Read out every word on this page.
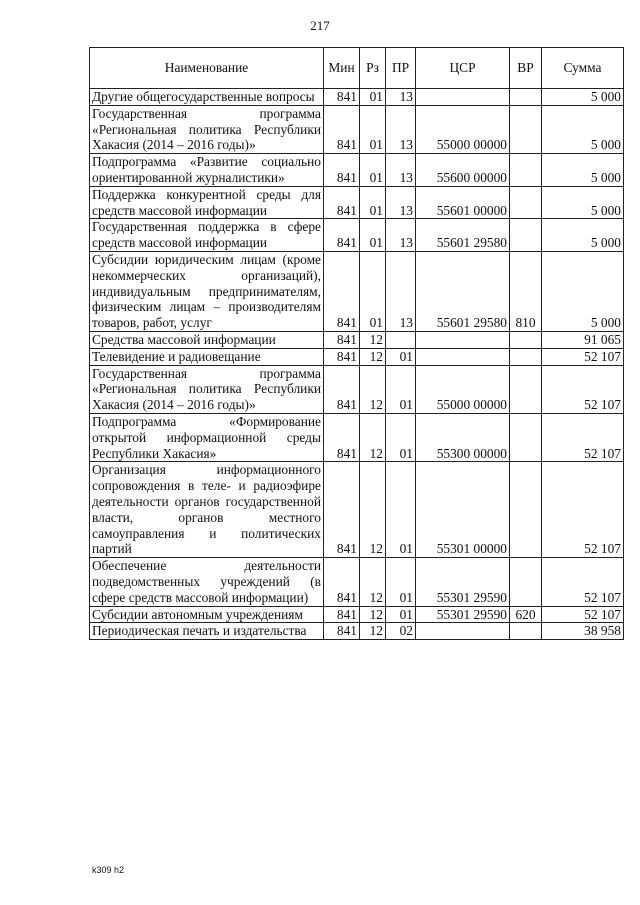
217
Наименование	Мин	Рз	ПР	ЦСР	ВР	Сумма
Другие общегосударственные вопросы	841	01	13			5 000
Государственная программа «Региональная политика Республики Хакасия (2014 – 2016 годы)»	841	01	13	55000 00000		5 000
Подпрограмма «Развитие социально ориентированной журналистики»	841	01	13	55600 00000		5 000
Поддержка конкурентной среды для средств массовой информации	841	01	13	55601 00000		5 000
Государственная поддержка в сфере средств массовой информации	841	01	13	55601 29580		5 000
Субсидии юридическим лицам (кроме некоммерческих организаций), индивидуальным предпринимателям, физическим лицам – производителям товаров, работ, услуг	841	01	13	55601 29580	810	5 000
Средства массовой информации	841	12				91 065
Телевидение и радиовещание	841	12	01			52 107
Государственная программа «Региональная политика Республики Хакасия (2014 – 2016 годы)»	841	12	01	55000 00000		52 107
Подпрограмма «Формирование открытой информационной среды Республики Хакасия»	841	12	01	55300 00000		52 107
Организация информационного сопровождения в теле- и радиоэфире деятельности органов государственной власти, органов местного самоуправления и политических партий	841	12	01	55301 00000		52 107
Обеспечение деятельности подведомственных учреждений (в сфере средств массовой информации)	841	12	01	55301 29590		52 107
Субсидии автономным учреждениям	841	12	01	55301 29590	620	52 107
Периодическая печать и издательства	841	12	02			38 958
k309 h2
